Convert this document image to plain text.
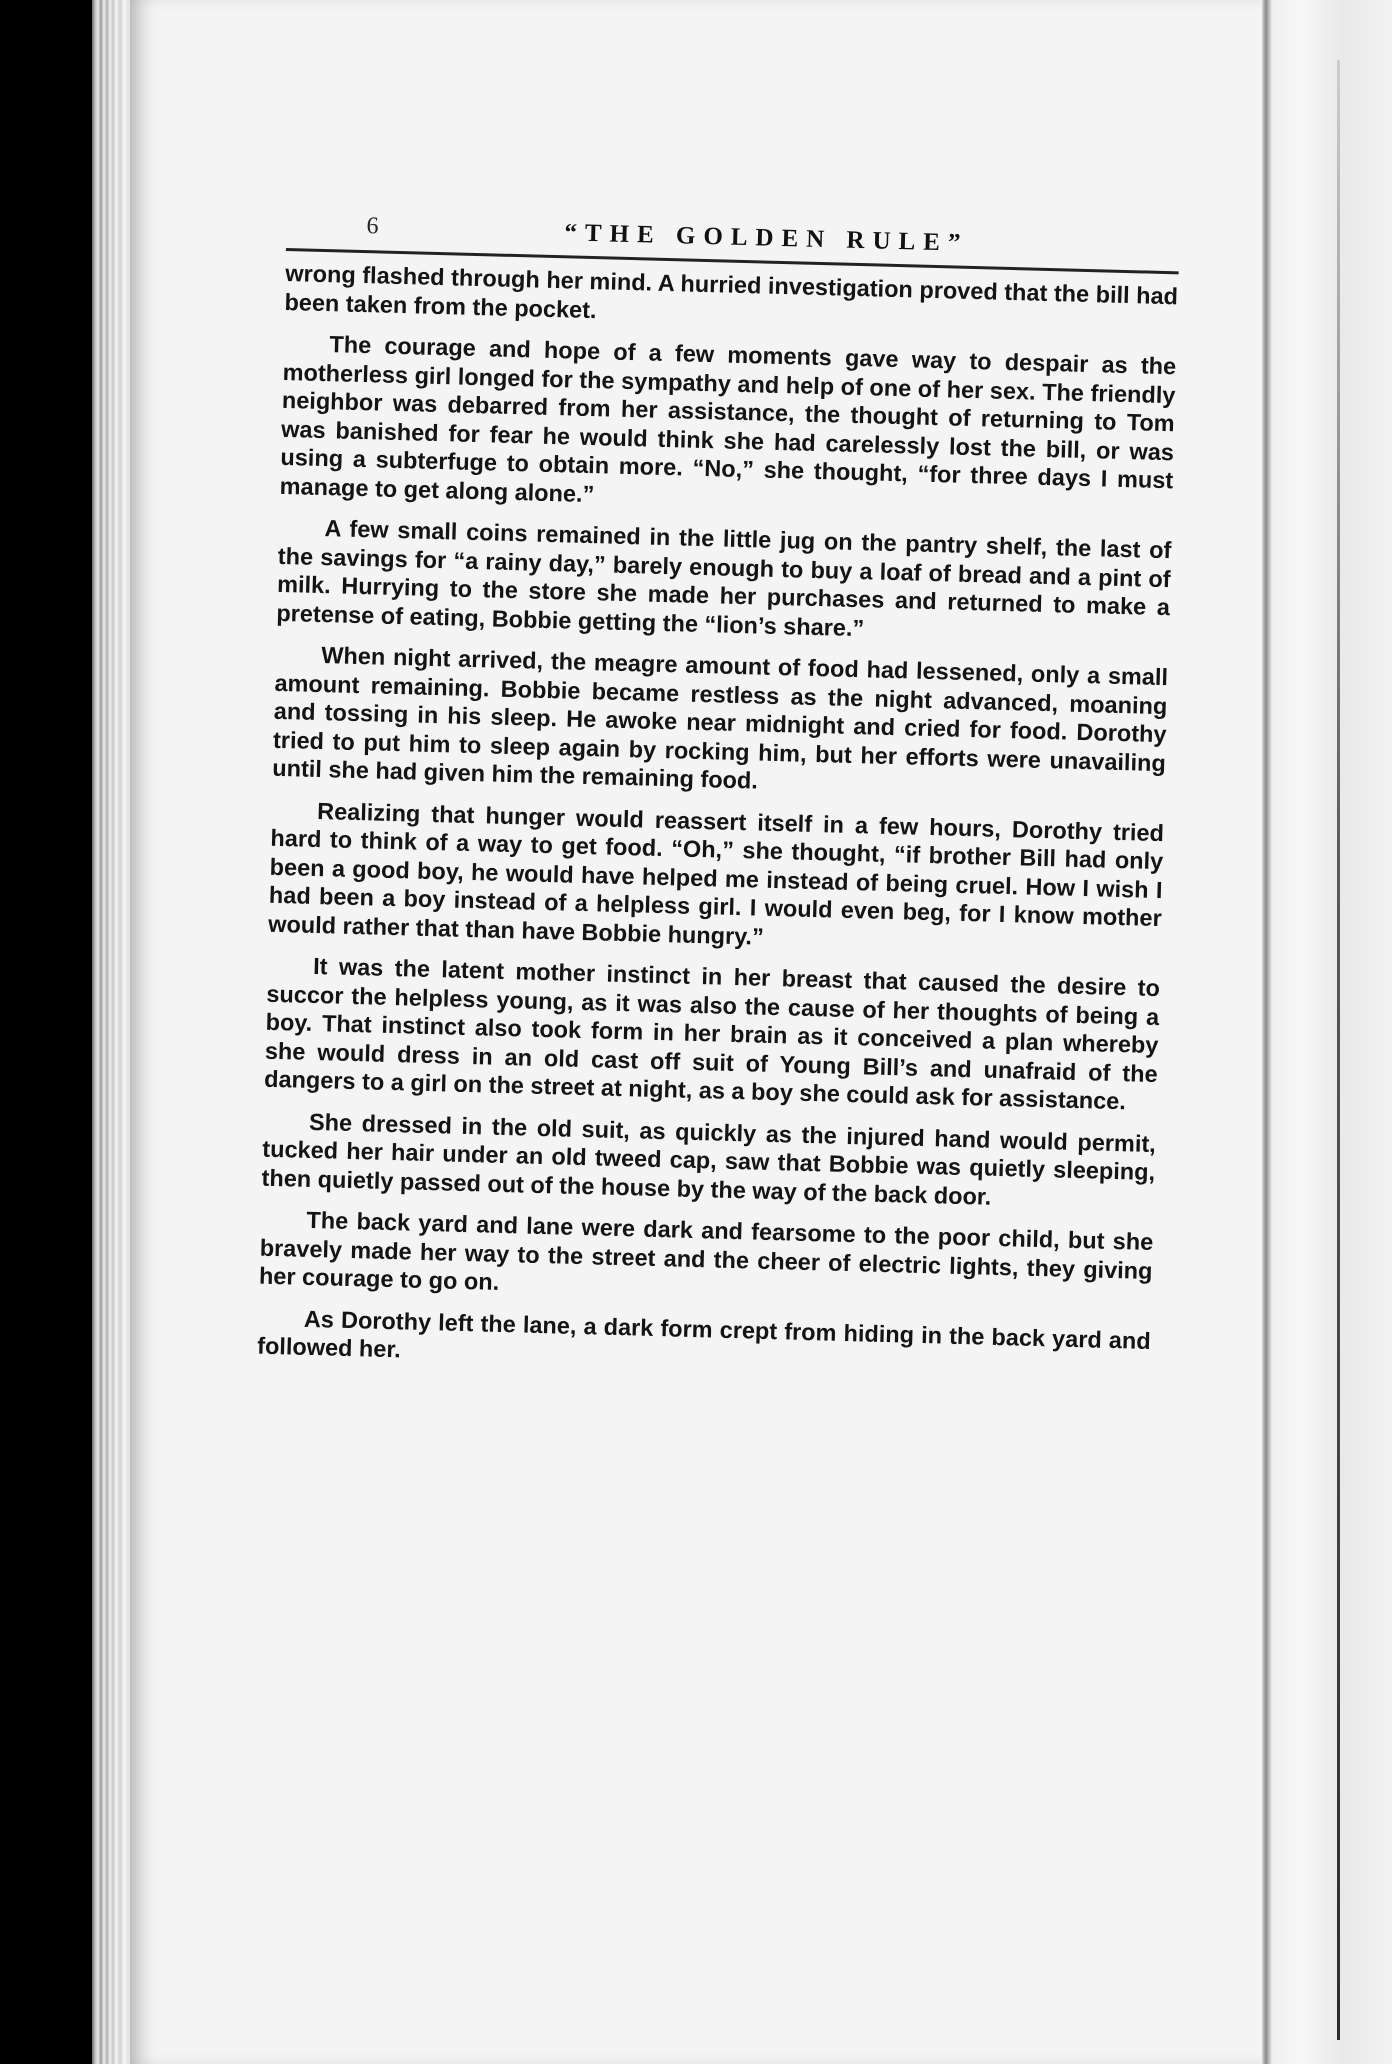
6	“THE GOLDEN RULE”

wrong flashed through her mind. A hurried investigation proved that the bill had been taken from the pocket.

The courage and hope of a few moments gave way to despair as the motherless girl longed for the sympathy and help of one of her sex. The friendly neighbor was debarred from her assistance, the thought of returning to Tom was banished for fear he would think she had carelessly lost the bill, or was using a subterfuge to obtain more. “No,” she thought, “for three days I must manage to get along alone.”

A few small coins remained in the little jug on the pantry shelf, the last of the savings for “a rainy day,” barely enough to buy a loaf of bread and a pint of milk. Hurrying to the store she made her purchases and returned to make a pretense of eating, Bobbie getting the “lion’s share.”

When night arrived, the meagre amount of food had lessened, only a small amount remaining. Bobbie became restless as the night advanced, moaning and tossing in his sleep. He awoke near midnight and cried for food. Dorothy tried to put him to sleep again by rocking him, but her efforts were unavailing until she had given him the remaining food.

Realizing that hunger would reassert itself in a few hours, Dorothy tried hard to think of a way to get food. “Oh,” she thought, “if brother Bill had only been a good boy, he would have helped me instead of being cruel. How I wish I had been a boy instead of a helpless girl. I would even beg, for I know mother would rather that than have Bobbie hungry.”

It was the latent mother instinct in her breast that caused the desire to succor the helpless young, as it was also the cause of her thoughts of being a boy. That instinct also took form in her brain as it conceived a plan whereby she would dress in an old cast off suit of Young Bill’s and unafraid of the dangers to a girl on the street at night, as a boy she could ask for assistance.

She dressed in the old suit, as quickly as the injured hand would permit, tucked her hair under an old tweed cap, saw that Bobbie was quietly sleeping, then quietly passed out of the house by the way of the back door.

The back yard and lane were dark and fearsome to the poor child, but she bravely made her way to the street and the cheer of electric lights, they giving her courage to go on.

As Dorothy left the lane, a dark form crept from hiding in the back yard and followed her.
